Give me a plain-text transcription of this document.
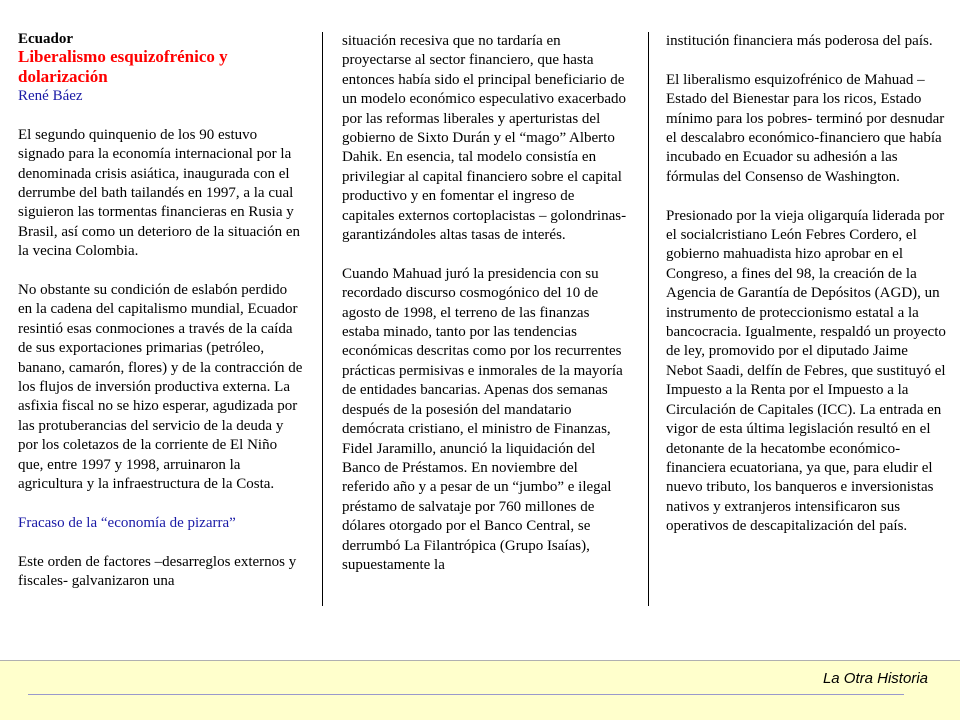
Ecuador
Liberalismo esquizofrénico y dolarización
René Báez

El segundo quinquenio de los 90 estuvo signado para la economía internacional por la denominada crisis asiática, inaugurada con el derrumbe del bath tailandés en 1997, a la cual siguieron las tormentas financieras en Rusia y Brasil, así como un deterioro de la situación en la vecina Colombia.

No obstante su condición de eslabón perdido en la cadena del capitalismo mundial, Ecuador resintió esas conmociones a través de la caída de sus exportaciones primarias (petróleo, banano, camarón, flores) y de la contracción de los flujos de inversión productiva externa. La asfixia fiscal no se hizo esperar, agudizada por las protuberancias del servicio de la deuda y por los coletazos de la corriente de El Niño que, entre 1997 y 1998, arruinaron la agricultura y la infraestructura de la Costa.

Fracaso de la “economía de pizarra”

Este orden de factores –desarreglos externos y fiscales- galvanizaron una

situación recesiva que no tardaría en proyectarse al sector financiero, que hasta entonces había sido el principal beneficiario de un modelo económico especulativo exacerbado por las reformas liberales y aperturistas del gobierno de Sixto Durán y el “mago” Alberto Dahik. En esencia, tal modelo consistía en privilegiar al capital financiero sobre el capital productivo y en fomentar el ingreso de capitales externos cortoplacistas – golondrinas- garantizándoles altas tasas de interés.

Cuando Mahuad juró la presidencia con su recordado discurso cosmogónico del 10 de agosto de 1998, el terreno de las finanzas estaba minado, tanto por las tendencias económicas descritas como por los recurrentes prácticas permisivas e inmorales de la mayoría de entidades bancarias. Apenas dos semanas después de la posesión del mandatario demócrata cristiano, el ministro de Finanzas, Fidel Jaramillo, anunció la liquidación del Banco de Préstamos. En noviembre del referido año y a pesar de un “jumbo” e ilegal préstamo de salvataje por 760 millones de dólares otorgado por el Banco Central, se derrumbó La Filantrópica (Grupo Isaías), supuestamente la

institución financiera más poderosa del país.

El liberalismo esquizofrénico de Mahuad – Estado del Bienestar para los ricos, Estado mínimo para los pobres- terminó por desnudar el descalabro económico-financiero que había incubado en Ecuador su adhesión a las fórmulas del Consenso de Washington.

Presionado por la vieja oligarquía liderada por el socialcristiano León Febres Cordero, el gobierno mahuadista hizo aprobar en el Congreso, a fines del 98, la creación de la Agencia de Garantía de Depósitos (AGD), un instrumento de proteccionismo estatal a la bancocracia. Igualmente, respaldó un proyecto de ley, promovido por el diputado Jaime Nebot Saadi, delfín de Febres, que sustituyó el Impuesto a la Renta por el Impuesto a la Circulación de Capitales (ICC). La entrada en vigor de esta última legislación resultó en el detonante de la hecatombe económico-financiera ecuatoriana, ya que, para eludir el nuevo tributo, los banqueros e inversionistas nativos y extranjeros intensificaron sus operativos de descapitalización del país.

La Otra Historia
